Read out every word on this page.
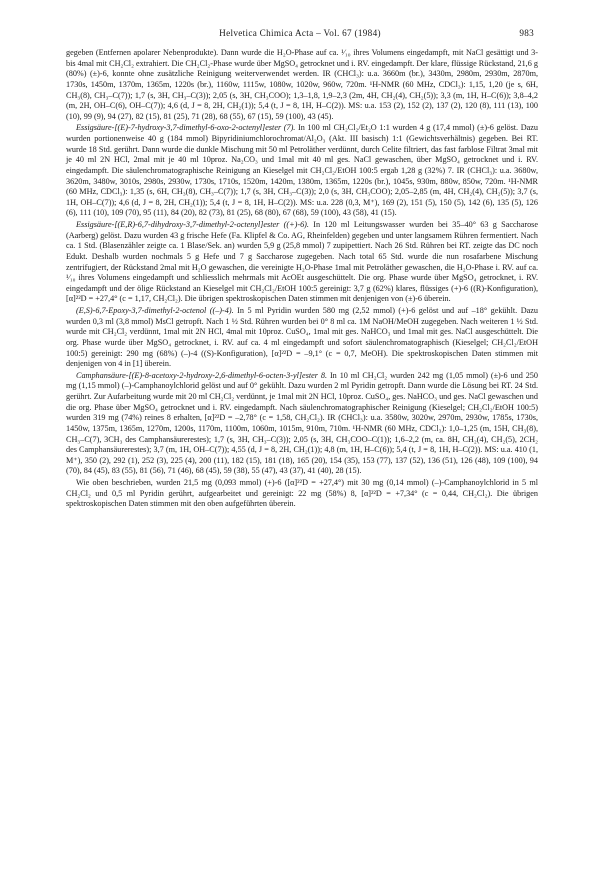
Helvetica Chimica Acta – Vol. 67 (1984)	983

gegeben (Entfernen apolarer Nebenprodukte). Dann wurde die H₂O-Phase auf ca. ¹⁄₁₀ ihres Volumens eingedampft, mit NaCl gesättigt und 3- bis 4mal mit CH₂Cl₂ extrahiert. Die CH₂Cl₂-Phase wurde über MgSO₄ getrocknet und i. RV. eingedampft. Der klare, flüssige Rückstand, 21,6 g (80%) (±)-6, konnte ohne zusätzliche Reinigung weiterverwendet werden. IR (CHCl₃): u.a. 3660m (br.), 3430m, 2980m, 2930m, 2870m, 1730s, 1450m, 1370m, 1365m, 1220s (br.), 1160w, 1115w, 1080w, 1020w, 960w, 720m. ¹H-NMR (60 MHz, CDCl₃): 1,15, 1,20 (je s, 6H, CH₃(8), CH₃–C(7)); 1,7 (s, 3H, CH₃–C(3)); 2,05 (s, 3H, CH₃COO); 1,3–1,8, 1,9–2,3 (2m, 4H, CH₂(4), CH₂(5)); 3,3 (m, 1H, H–C(6)); 3,8–4,2 (m, 2H, OH–C(6), OH–C(7)); 4,6 (d, J = 8, 2H, CH₂(1)); 5,4 (t, J = 8, 1H, H–C(2)). MS: u.a. 153 (2), 152 (2), 137 (2), 120 (8), 111 (13), 100 (10), 99 (9), 94 (27), 82 (15), 81 (25), 71 (28), 68 (55), 67 (15), 59 (100), 43 (45).

Essigsäure-[(E)-7-hydroxy-3,7-dimethyl-6-oxo-2-octenyl]ester (7). In 100 ml CH₂Cl₂/Et₂O 1:1 wurden 4 g (17,4 mmol) (±)-6 gelöst. Dazu wurden portionenweise 40 g (184 mmol) Bipyridiniumchlorochromat/Al₂O₃ (Akt. III basisch) 1:1 (Gewichtsverhältnis) gegeben. Bei RT. wurde 18 Std. gerührt. Dann wurde die dunkle Mischung mit 50 ml Petroläther verdünnt, durch Celite filtriert, das fast farblose Filtrat 3mal mit je 40 ml 2N HCl, 2mal mit je 40 ml 10proz. Na₂CO₃ und 1mal mit 40 ml ges. NaCl gewaschen, über MgSO₄ getrocknet und i. RV. eingedampft. Die säulenchromatographische Reinigung an Kieselgel mit CH₂Cl₂/EtOH 100:5 ergab 1,28 g (32%) 7. IR (CHCl₃): u.a. 3680w, 3620m, 3480w, 3010s, 2980s, 2930w, 1730s, 1710s, 1520m, 1420m, 1380m, 1365m, 1220s (br.), 1045s, 930m, 880w, 850w, 720m. ¹H-NMR (60 MHz, CDCl₃): 1,35 (s, 6H, CH₃(8), CH₃–C(7)); 1,7 (s, 3H, CH₃–C(3)); 2,0 (s, 3H, CH₃COO); 2,05–2,85 (m, 4H, CH₂(4), CH₂(5)); 3,7 (s, 1H, OH–C(7)); 4,6 (d, J = 8, 2H, CH₂(1)); 5,4 (t, J = 8, 1H, H–C(2)). MS: u.a. 228 (0,3, M⁺), 169 (2), 151 (5), 150 (5), 142 (6), 135 (5), 126 (6), 111 (10), 109 (70), 95 (11), 84 (20), 82 (73), 81 (25), 68 (80), 67 (68), 59 (100), 43 (58), 41 (15).

Essigsäure-[(E,R)-6,7-dihydroxy-3,7-dimethyl-2-octenyl]ester ((+)-6). In 120 ml Leitungswasser wurden bei 35–40° 63 g Saccharose (Aarberg) gelöst. Dazu wurden 43 g frische Hefe (Fa. Klipfel & Co. AG, Rheinfelden) gegeben und unter langsamem Rühren fermentiert. Nach ca. 1 Std. (Blasenzähler zeigte ca. 1 Blase/Sek. an) wurden 5,9 g (25,8 mmol) 7 zupipettiert. Nach 26 Std. Rühren bei RT. zeigte das DC noch Edukt. Deshalb wurden nochmals 5 g Hefe und 7 g Saccharose zugegeben. Nach total 65 Std. wurde die nun rosafarbene Mischung zentrifugiert, der Rückstand 2mal mit H₂O gewaschen, die vereinigte H₂O-Phase 1mal mit Petroläther gewaschen, die H₂O-Phase i. RV. auf ca. ¹⁄₁₀ ihres Volumens eingedampft und schliesslich mehrmals mit AcOEt ausgeschüttelt. Die org. Phase wurde über MgSO₄ getrocknet, i. RV. eingedampft und der ölige Rückstand an Kieselgel mit CH₂Cl₂/EtOH 100:5 gereinigt: 3,7 g (62%) klares, flüssiges (+)-6 ((R)-Konfiguration), [α]²²D = +27,4° (c = 1,17, CH₂Cl₂). Die übrigen spektroskopischen Daten stimmen mit denjenigen von (±)-6 überein.

(E,S)-6,7-Epoxy-3,7-dimethyl-2-octenol ((–)-4). In 5 ml Pyridin wurden 580 mg (2,52 mmol) (+)-6 gelöst und auf –18° gekühlt. Dazu wurden 0,3 ml (3,8 mmol) MsCl getropft. Nach 1 ½ Std. Rühren wurden bei 0° 8 ml ca. 1M NaOH/MeOH zugegeben. Nach weiteren 1 ½ Std. wurde mit CH₂Cl₂ verdünnt, 1mal mit 2N HCl, 4mal mit 10proz. CuSO₄, 1mal mit ges. NaHCO₃ und 1mal mit ges. NaCl ausgeschüttelt. Die org. Phase wurde über MgSO₄ getrocknet, i. RV. auf ca. 4 ml eingedampft und sofort säulenchromatographisch (Kieselgel; CH₂Cl₂/EtOH 100:5) gereinigt: 290 mg (68%) (–)-4 ((S)-Konfiguration), [α]²²D = –9,1° (c = 0,7, MeOH). Die spektroskopischen Daten stimmen mit denjenigen von 4 in [1] überein.

Camphansäure-[(E)-8-acetoxy-2-hydroxy-2,6-dimethyl-6-octen-3-yl]ester 8. In 10 ml CH₂Cl₂ wurden 242 mg (1,05 mmol) (±)-6 und 250 mg (1,15 mmol) (–)-Camphanoylchlorid gelöst und auf 0° gekühlt. Dazu wurden 2 ml Pyridin getropft. Dann wurde die Lösung bei RT. 24 Std. gerührt. Zur Aufarbeitung wurde mit 20 ml CH₂Cl₂ verdünnt, je 1mal mit 2N HCl, 10proz. CuSO₄, ges. NaHCO₃ und ges. NaCl gewaschen und die org. Phase über MgSO₄ getrocknet und i. RV. eingedampft. Nach säulenchromatographischer Reinigung (Kieselgel; CH₂Cl₂/EtOH 100:5) wurden 319 mg (74%) reines 8 erhalten, [α]²²D = –2,78° (c = 1,58, CH₂Cl₂). IR (CHCl₃): u.a. 3580w, 3020w, 2970m, 2930w, 1785s, 1730s, 1450w, 1375m, 1365m, 1270m, 1200s, 1170m, 1100m, 1060m, 1015m, 910m, 710m. ¹H-NMR (60 MHz, CDCl₃): 1,0–1,25 (m, 15H, CH₃(8), CH₃–C(7), 3CH₃ des Camphansäurerestes); 1,7 (s, 3H, CH₃–C(3)); 2,05 (s, 3H, CH₃COO–C(1)); 1,6–2,2 (m, ca. 8H, CH₂(4), CH₂(5), 2CH₂ des Camphansäurerestes); 3,7 (m, 1H, OH–C(7)); 4,55 (d, J = 8, 2H, CH₂(1)); 4,8 (m, 1H, H–C(6)); 5,4 (t, J = 8, 1H, H–C(2)). MS: u.a. 410 (1, M⁺), 350 (2), 292 (1), 252 (3), 225 (4), 200 (11), 182 (15), 181 (18), 165 (20), 154 (35), 153 (77), 137 (52), 136 (51), 126 (48), 109 (100), 94 (70), 84 (45), 83 (55), 81 (56), 71 (46), 68 (45), 59 (38), 55 (47), 43 (37), 41 (40), 28 (15).

Wie oben beschrieben, wurden 21,5 mg (0,093 mmol) (+)-6 ([α]²²D = +27,4°) mit 30 mg (0,14 mmol) (–)-Camphanoylchlorid in 5 ml CH₂Cl₂ und 0,5 ml Pyridin gerührt, aufgearbeitet und gereinigt: 22 mg (58%) 8, [α]²²D = +7,34° (c = 0,44, CH₂Cl₂). Die übrigen spektroskopischen Daten stimmen mit den oben aufgeführten überein.
